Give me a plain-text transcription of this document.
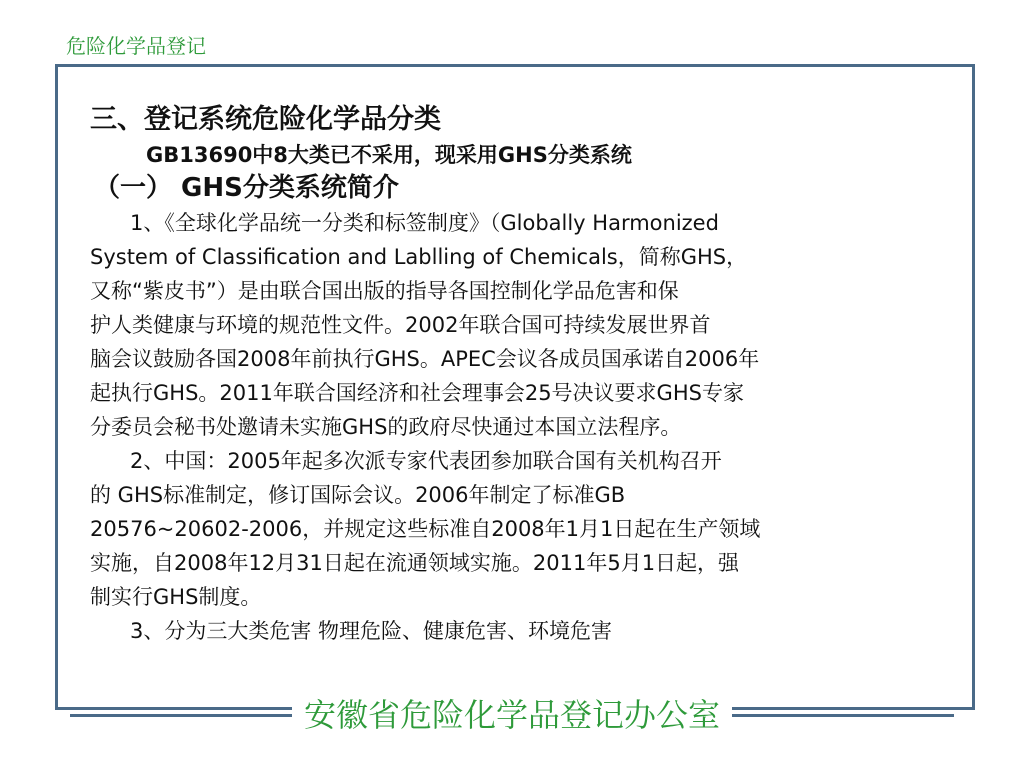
危险化学品登记
三、登记系统危险化学品分类
GB13690中8大类已不采用，现采用GHS分类系统
（一） GHS分类系统简介
1、《全球化学品统一分类和标签制度》（Globally Harmonized
System of Classification and Lablling of Chemicals，简称GHS，
又称“紫皮书”）是由联合国出版的指导各国控制化学品危害和保
护人类健康与环境的规范性文件。2002年联合国可持续发展世界首
脑会议鼓励各国2008年前执行GHS。APEC会议各成员国承诺自2006年
起执行GHS。2011年联合国经济和社会理事会25号决议要求GHS专家
分委员会秘书处邀请未实施GHS的政府尽快通过本国立法程序。
2、中国：2005年起多次派专家代表团参加联合国有关机构召开
的 GHS标准制定，修订国际会议。2006年制定了标准GB
20576~20602-2006，并规定这些标准自2008年1月1日起在生产领域
实施，自2008年12月31日起在流通领域实施。2011年5月1日起，强
制实行GHS制度。
3、分为三大类危害 物理危险、健康危害、环境危害
安徽省危险化学品登记办公室
